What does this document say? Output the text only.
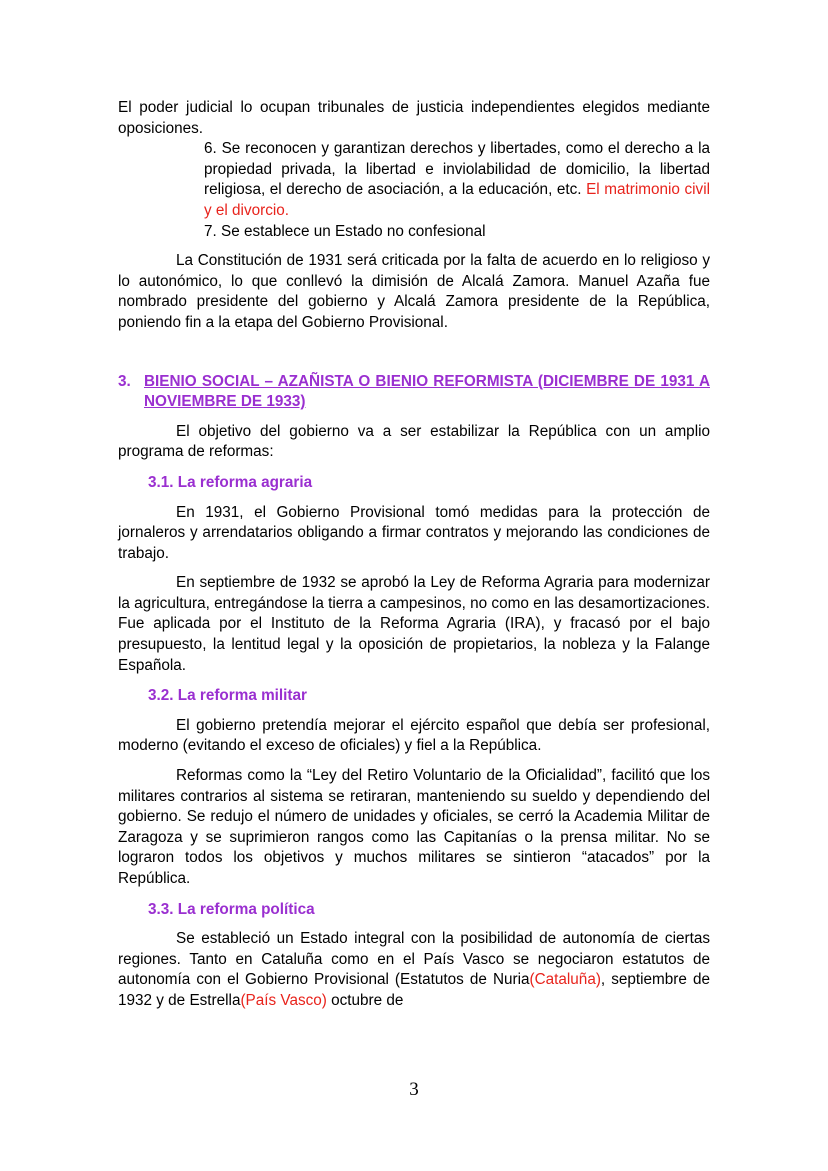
El poder judicial lo ocupan tribunales de justicia independientes elegidos mediante oposiciones.

6. Se reconocen y garantizan derechos y libertades, como el derecho a la propiedad privada, la libertad e inviolabilidad de domicilio, la libertad religiosa, el derecho de asociación, a la educación, etc. El matrimonio civil y el divorcio.

7. Se establece un Estado no confesional

La Constitución de 1931 será criticada por la falta de acuerdo en lo religioso y lo autonómico, lo que conllevó la dimisión de Alcalá Zamora. Manuel Azaña fue nombrado presidente del gobierno y Alcalá Zamora presidente de la República, poniendo fin a la etapa del Gobierno Provisional.

3. BIENIO SOCIAL – AZAÑISTA O BIENIO REFORMISTA (DICIEMBRE DE 1931 A NOVIEMBRE DE 1933)

El objetivo del gobierno va a ser estabilizar la República con un amplio programa de reformas:

3.1. La reforma agraria

En 1931, el Gobierno Provisional tomó medidas para la protección de jornaleros y arrendatarios obligando a firmar contratos y mejorando las condiciones de trabajo.

En septiembre de 1932 se aprobó la Ley de Reforma Agraria para modernizar la agricultura, entregándose la tierra a campesinos, no como en las desamortizaciones. Fue aplicada por el Instituto de la Reforma Agraria (IRA), y fracasó por el bajo presupuesto, la lentitud legal y la oposición de propietarios, la nobleza y la Falange Española.

3.2. La reforma militar

El gobierno pretendía mejorar el ejército español que debía ser profesional, moderno (evitando el exceso de oficiales) y fiel a la República.

Reformas como la “Ley del Retiro Voluntario de la Oficialidad”, facilitó que los militares contrarios al sistema se retiraran, manteniendo su sueldo y dependiendo del gobierno. Se redujo el número de unidades y oficiales, se cerró la Academia Militar de Zaragoza y se suprimieron rangos como las Capitanías o la prensa militar. No se lograron todos los objetivos y muchos militares se sintieron “atacados” por la República.

3.3. La reforma política

Se estableció un Estado integral con la posibilidad de autonomía de ciertas regiones. Tanto en Cataluña como en el País Vasco se negociaron estatutos de autonomía con el Gobierno Provisional (Estatutos de Nuria(Cataluña), septiembre de 1932 y de Estrella(País Vasco) octubre de

3
